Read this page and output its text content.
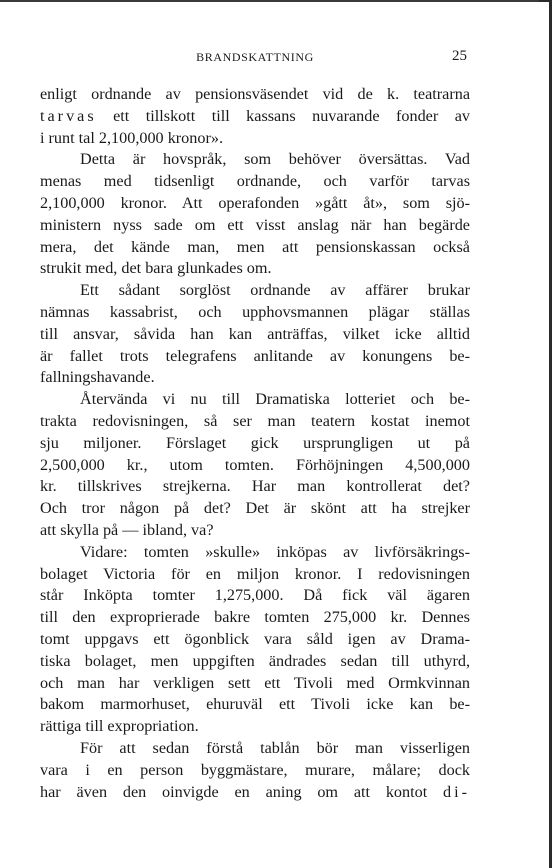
BRANDSKATTNING	25
enligt ordnande av pensionsväsendet vid de k. teatrarna
tarvas ett tillskott till kassans nuvarande fonder av
i runt tal 2,100,000 kronor».
Detta är hovspråk, som behöver översättas. Vad
menas med tidsenligt ordnande, och varför tarvas
2,100,000 kronor. Att operafonden »gått åt», som sjö-
ministern nyss sade om ett visst anslag när han begärde
mera, det kände man, men att pensionskassan också
strukit med, det bara glunkades om.
Ett sådant sorglöst ordnande av affärer brukar
nämnas kassabrist, och upphovsmannen plägar ställas
till ansvar, såvida han kan anträffas, vilket icke alltid
är fallet trots telegrafens anlitande av konungens be-
fallningshavande.
Återvända vi nu till Dramatiska lotteriet och be-
trakta redovisningen, så ser man teatern kostat inemot
sju miljoner. Förslaget gick ursprungligen ut på
2,500,000 kr., utom tomten. Förhöjningen 4,500,000
kr. tillskrives strejkerna. Har man kontrollerat det?
Och tror någon på det? Det är skönt att ha strejker
att skylla på — ibland, va?
Vidare: tomten »skulle» inköpas av livförsäkrings-
bolaget Victoria för en miljon kronor. I redovisningen
står Inköpta tomter 1,275,000. Då fick väl ägaren
till den exproprierade bakre tomten 275,000 kr. Dennes
tomt uppgavs ett ögonblick vara såld igen av Drama-
tiska bolaget, men uppgiften ändrades sedan till uthyrd,
och man har verkligen sett ett Tivoli med Ormkvinnan
bakom marmorhuset, ehuruväl ett Tivoli icke kan be-
rättiga till expropriation.
För att sedan förstå tablån bör man visserligen
vara i en person byggmästare, murare, målare; dock
har även den oinvigde en aning om att kontot di-
